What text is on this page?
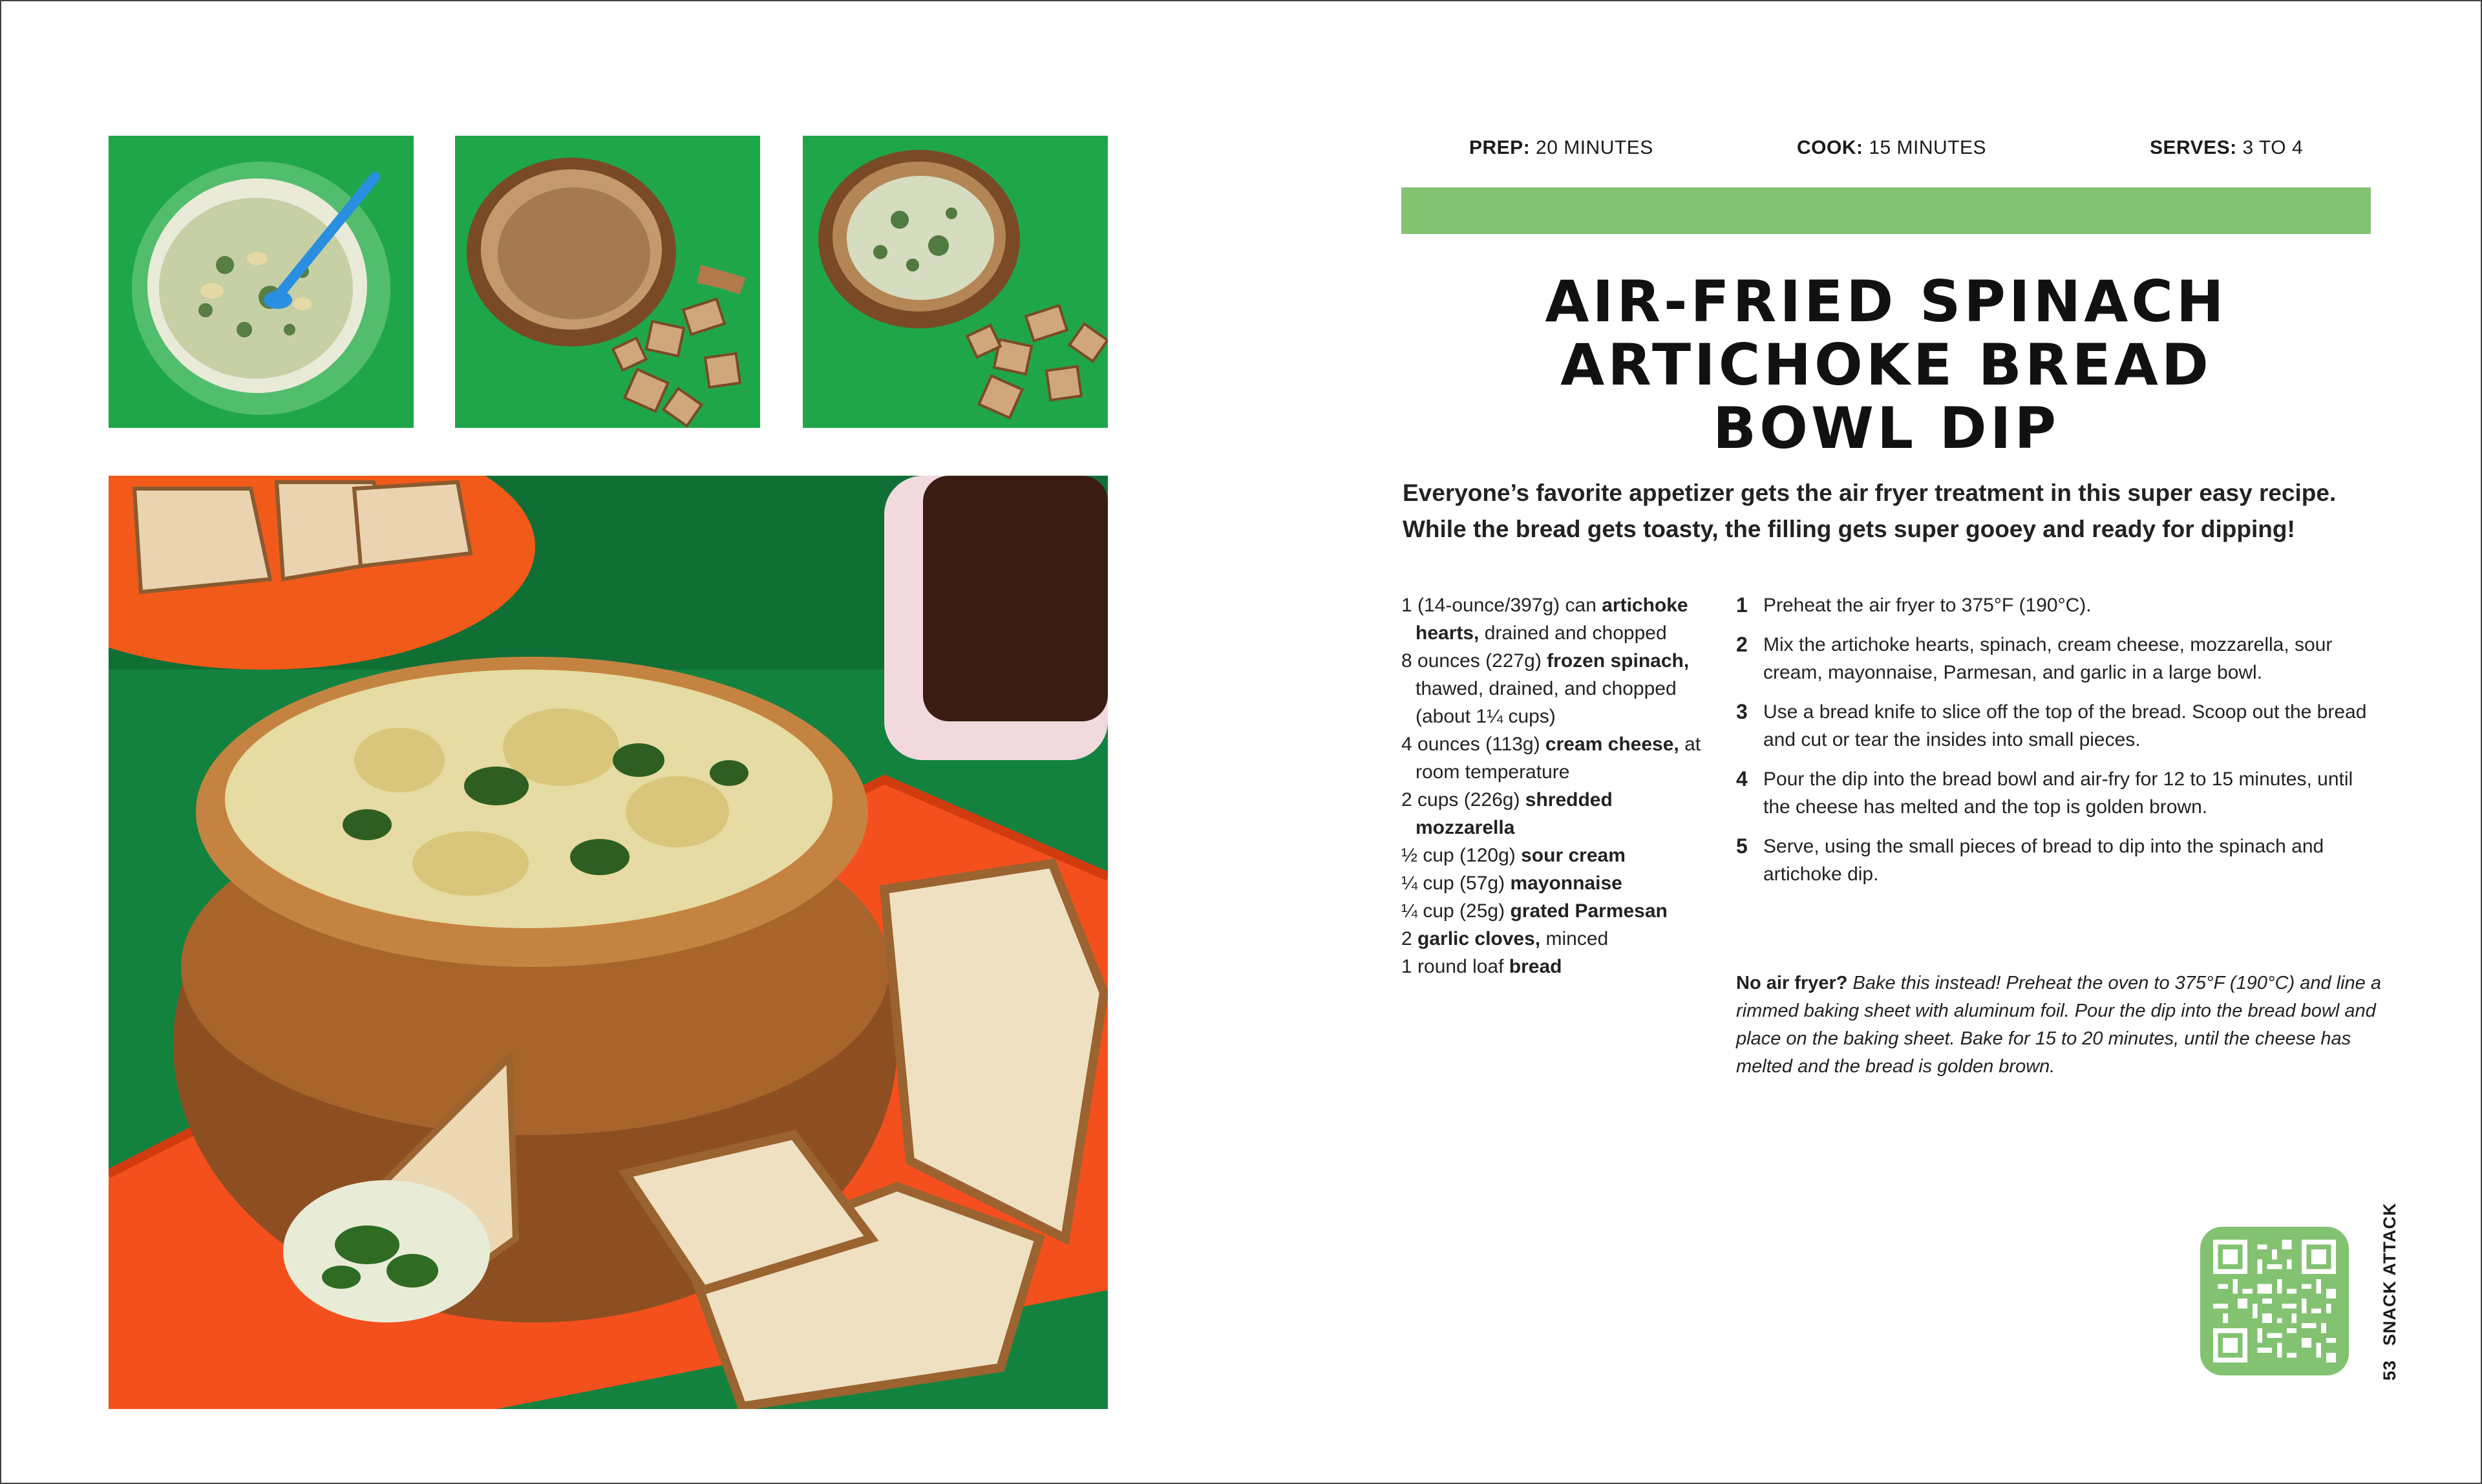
PREP: 20 MINUTES	COOK: 15 MINUTES	SERVES: 3 TO 4
AIR-FRIED SPINACH
ARTICHOKE BREAD
BOWL DIP

Everyone’s favorite appetizer gets the air fryer treatment in this super easy recipe. While the bread gets toasty, the filling gets super gooey and ready for dipping!

1 (14-ounce/397g) can artichoke hearts, drained and chopped
8 ounces (227g) frozen spinach, thawed, drained, and chopped (about 1¼ cups)
4 ounces (113g) cream cheese, at room temperature
2 cups (226g) shredded mozzarella
½ cup (120g) sour cream
¼ cup (57g) mayonnaise
¼ cup (25g) grated Parmesan
2 garlic cloves, minced
1 round loaf bread
1 Preheat the air fryer to 375°F (190°C).
2 Mix the artichoke hearts, spinach, cream cheese, mozzarella, sour cream, mayonnaise, Parmesan, and garlic in a large bowl.
3 Use a bread knife to slice off the top of the bread. Scoop out the bread and cut or tear the insides into small pieces.
4 Pour the dip into the bread bowl and air-fry for 12 to 15 minutes, until the cheese has melted and the top is golden brown.
5 Serve, using the small pieces of bread to dip into the spinach and artichoke dip.

No air fryer? Bake this instead! Preheat the oven to 375°F (190°C) and line a rimmed baking sheet with aluminum foil. Pour the dip into the bread bowl and place on the baking sheet. Bake for 15 to 20 minutes, until the cheese has melted and the bread is golden brown.

53SNACK ATTACK
